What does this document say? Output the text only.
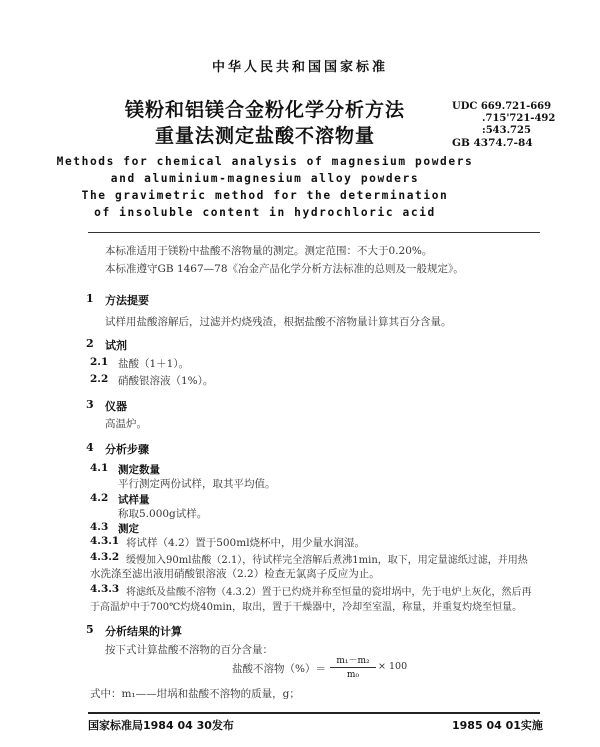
中华人民共和国国家标准
镁粉和铝镁合金粉化学分析方法
重量法测定盐酸不溶物量
UDC 669.721-669
.715'721-492
:543.725
GB 4374.7-84
Methods for chemical analysis of magnesium powders
and aluminium-magnesium alloy powders
The gravimetric method for the determination
of insoluble content in hydrochloric acid
本标准适用于镁粉中盐酸不溶物量的测定。测定范围：不大于0.20%。
本标准遵守GB 1467—78《冶金产品化学分析方法标准的总则及一般规定》。
1 方法提要
试样用盐酸溶解后，过滤并灼烧残渣，根据盐酸不溶物量计算其百分含量。
2 试剂
2.1 盐酸（1＋1）。
2.2 硝酸银溶液（1%）。
3 仪器
高温炉。
4 分析步骤
4.1 测定数量
平行测定两份试样，取其平均值。
4.2 试样量
称取5.000g试样。
4.3 测定
4.3.1 将试样（4.2）置于500ml烧杯中，用少量水润湿。
4.3.2 缓慢加入90ml盐酸（2.1），待试样完全溶解后煮沸1min，取下，用定量滤纸过滤，并用热
水洗涤至滤出液用硝酸银溶液（2.2）检查无氯离子反应为止。
4.3.3 将滤纸及盐酸不溶物（4.3.2）置于已灼烧并称至恒量的瓷坩埚中，先于电炉上灰化，然后再
于高温炉中于700℃灼烧40min，取出，置于干燥器中，冷却至室温，称量，并重复灼烧至恒量。
5 分析结果的计算
按下式计算盐酸不溶物的百分含量：
盐酸不溶物（%）＝
m₁－m₂
m₀
× 100
式中：m₁——坩埚和盐酸不溶物的质量，g；
国家标准局1984 04 30发布	1985 04 01实施
